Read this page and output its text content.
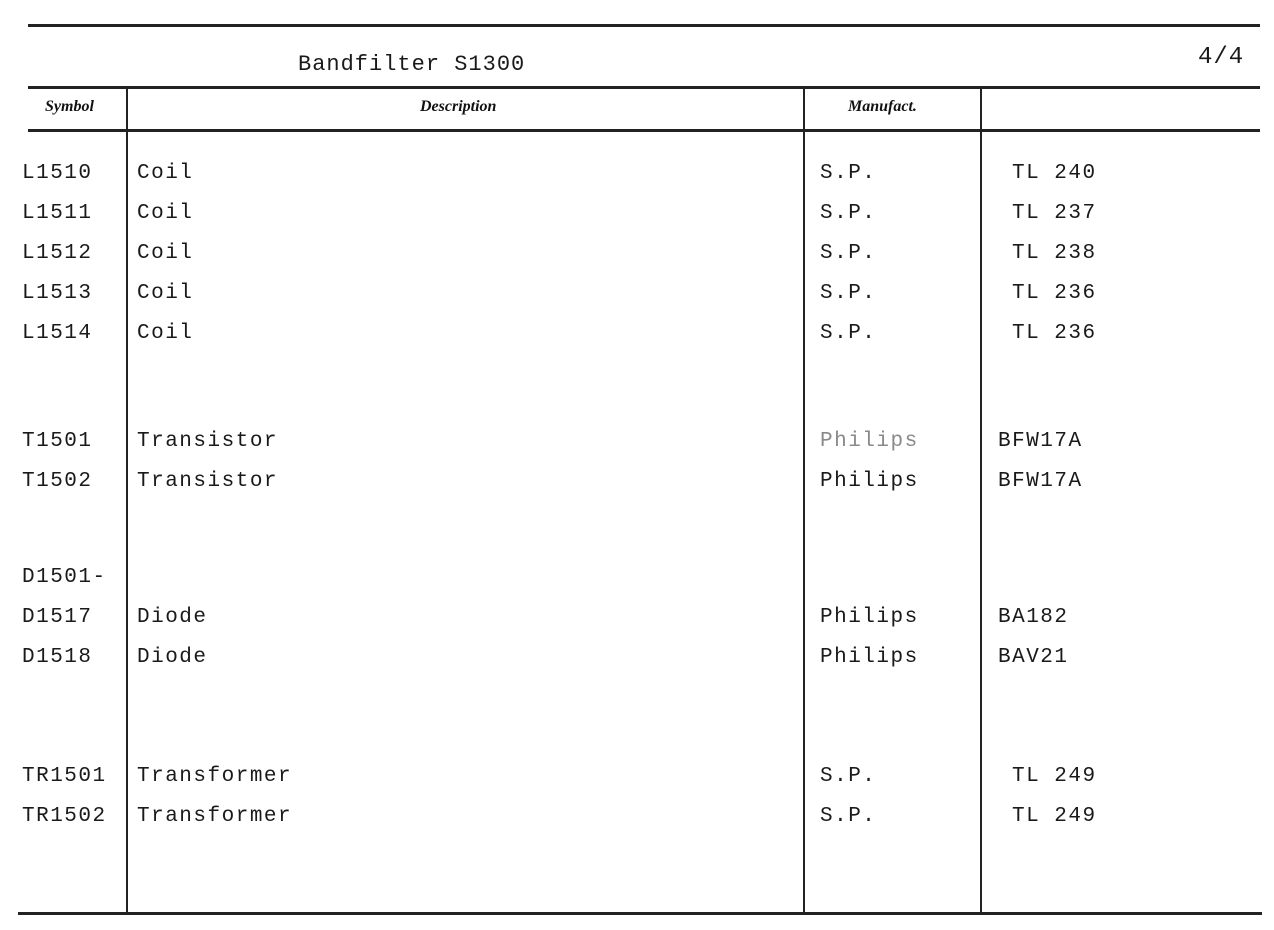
Bandfilter S1300	4/4
Symbol	Description	Manufact.
L1510 Coil	S.P.	TL 240
L1511 Coil	S.P.	TL 237
L1512 Coil	S.P.	TL 238
L1513 Coil	S.P.	TL 236
L1514 Coil	S.P.	TL 236
T1501 Transistor	Philips	BFW17A
T1502 Transistor	Philips	BFW17A
D1501-
D1517 Diode	Philips	BA182
D1518 Diode	Philips	BAV21
TR1501 Transformer	S.P.	TL 249
TR1502 Transformer	S.P.	TL 249
